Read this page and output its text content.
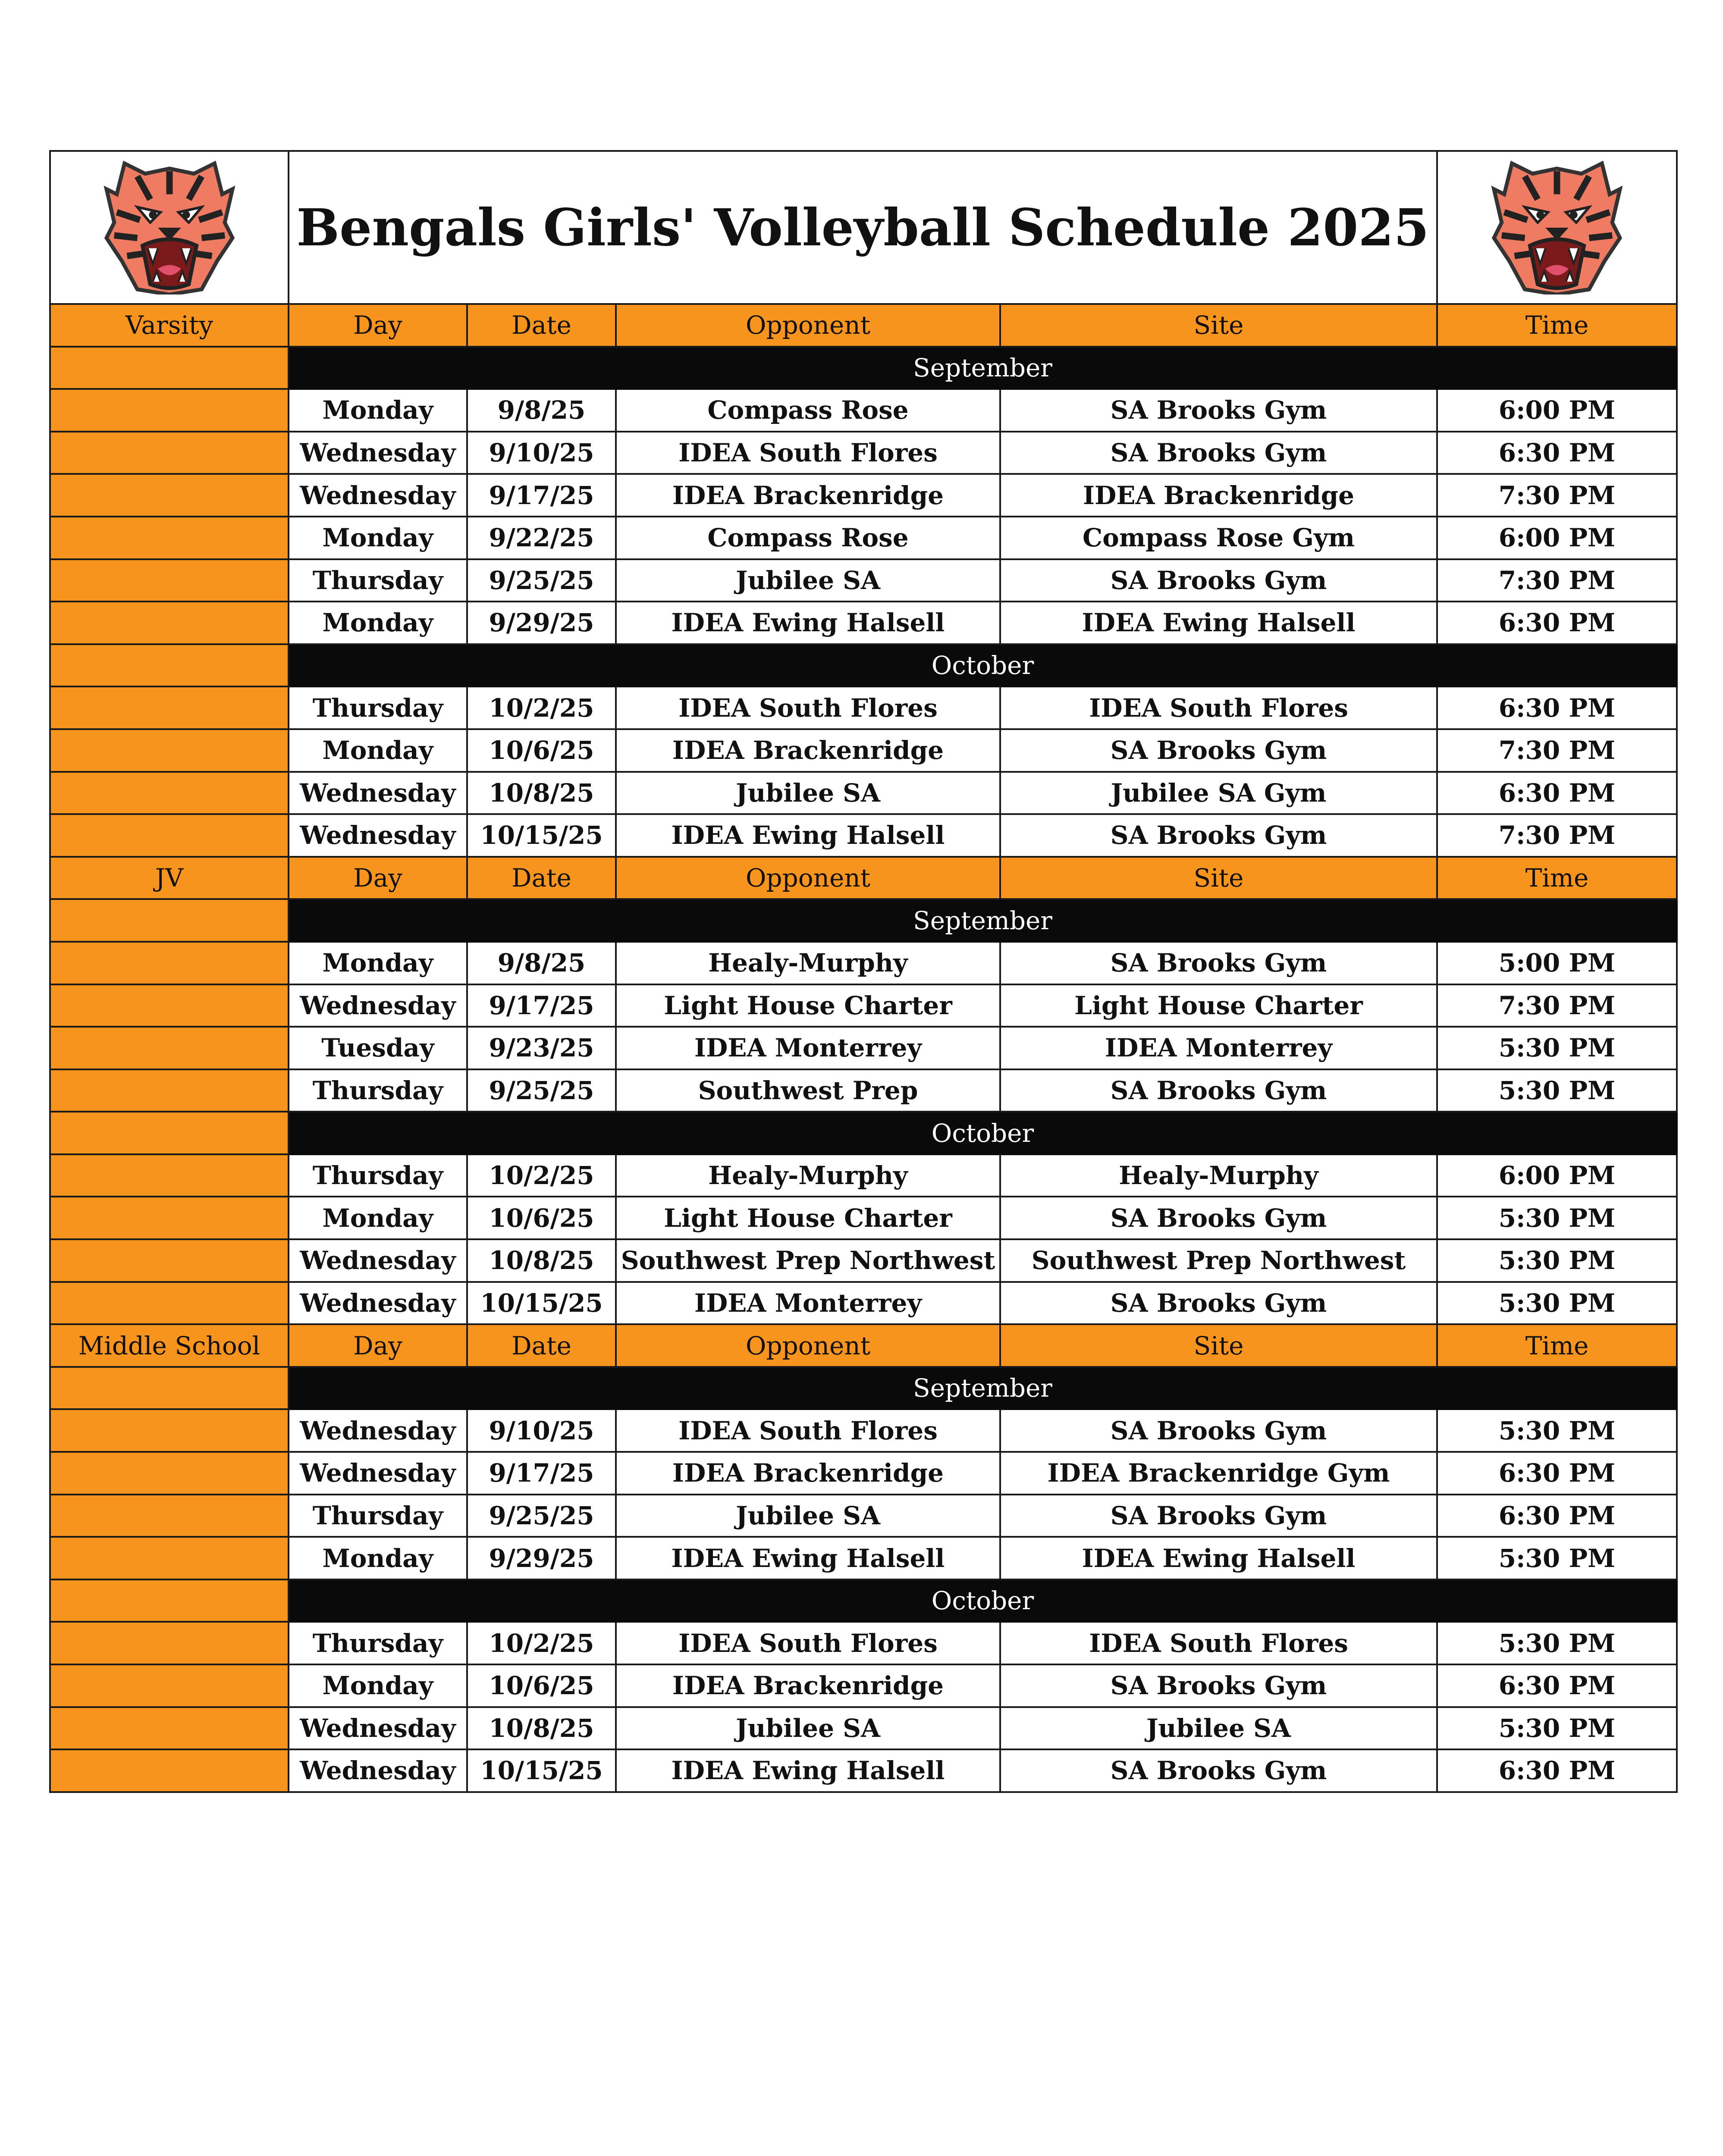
	Bengals Girls' Volleyball Schedule 2025	

Varsity	Day	Date	Opponent	Site	Time
	September				
	Monday	9/8/25	Compass Rose	SA Brooks Gym	6:00 PM
	Wednesday	9/10/25	IDEA South Flores	SA Brooks Gym	6:30 PM
	Wednesday	9/17/25	IDEA Brackenridge	IDEA Brackenridge	7:30 PM
	Monday	9/22/25	Compass Rose	Compass Rose Gym	6:00 PM
	Thursday	9/25/25	Jubilee SA	SA Brooks Gym	7:30 PM
	Monday	9/29/25	IDEA Ewing Halsell	IDEA Ewing Halsell	6:30 PM
	October				
	Thursday	10/2/25	IDEA South Flores	IDEA South Flores	6:30 PM
	Monday	10/6/25	IDEA Brackenridge	SA Brooks Gym	7:30 PM
	Wednesday	10/8/25	Jubilee SA	Jubilee SA Gym	6:30 PM
	Wednesday	10/15/25	IDEA Ewing Halsell	SA Brooks Gym	7:30 PM
JV	Day	Date	Opponent	Site	Time
	September				
	Monday	9/8/25	Healy-Murphy	SA Brooks Gym	5:00 PM
	Wednesday	9/17/25	Light House Charter	Light House Charter	7:30 PM
	Tuesday	9/23/25	IDEA Monterrey	IDEA Monterrey	5:30 PM
	Thursday	9/25/25	Southwest Prep	SA Brooks Gym	5:30 PM
	October				
	Thursday	10/2/25	Healy-Murphy	Healy-Murphy	6:00 PM
	Monday	10/6/25	Light House Charter	SA Brooks Gym	5:30 PM
	Wednesday	10/8/25	Southwest Prep Northwest	Southwest Prep Northwest	5:30 PM
	Wednesday	10/15/25	IDEA Monterrey	SA Brooks Gym	5:30 PM
Middle School	Day	Date	Opponent	Site	Time
	September				
	Wednesday	9/10/25	IDEA South Flores	SA Brooks Gym	5:30 PM
	Wednesday	9/17/25	IDEA Brackenridge	IDEA Brackenridge Gym	6:30 PM
	Thursday	9/25/25	Jubilee SA	SA Brooks Gym	6:30 PM
	Monday	9/29/25	IDEA Ewing Halsell	IDEA Ewing Halsell	5:30 PM
	October				
	Thursday	10/2/25	IDEA South Flores	IDEA South Flores	5:30 PM
	Monday	10/6/25	IDEA Brackenridge	SA Brooks Gym	6:30 PM
	Wednesday	10/8/25	Jubilee SA	Jubilee SA	5:30 PM
	Wednesday	10/15/25	IDEA Ewing Halsell	SA Brooks Gym	6:30 PM
